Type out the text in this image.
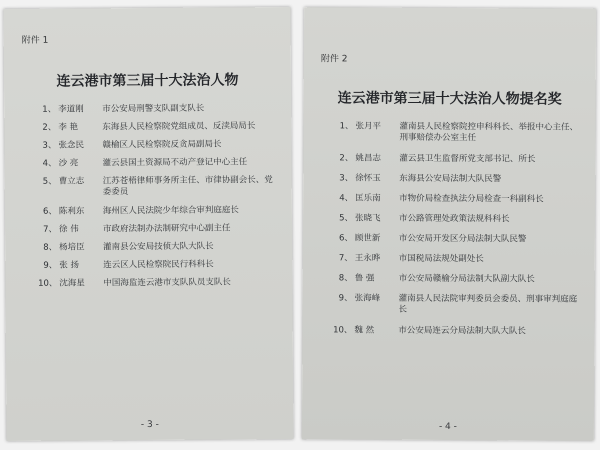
附件 1
连云港市第三届十大法治人物
1、 李道刚	市公安局刑警支队副支队长
2、 李 艳	东海县人民检察院党组成员、反渎局局长
3、 张念民	赣榆区人民检察院反贪局副局长
4、 沙 亮	灌云县国土资源局不动产登记中心主任
5、 曹立志	江苏苍梧律师事务所主任、市律协副会长、党委委员
6、 陈利东	海州区人民法院少年综合审判庭庭长
7、 徐 伟	市政府法制办法制研究中心副主任
8、 杨培臣	灌南县公安局技侦大队大队长
9、 张 扬	连云区人民检察院民行科科长
10、 沈海星	中国海监连云港市支队队员支队长
- 3 -
附件 2
连云港市第三届十大法治人物提名奖
1、 张月平	灌南县人民检察院控申科科长、举报中心主任、刑事赔偿办公室主任
2、 姚昌志	灌云县卫生监督所党支部书记、所长
3、 徐怀玉	东海县公安局法制大队民警
4、 匡乐南	市物价局检查执法分局检查一科副科长
5、 张晓飞	市公路管理处政策法规科科长
6、 顾世新	市公安局开发区分局法制大队民警
7、 王永晔	市国税局法规处副处长
8、 鲁 强	市公安局赣榆分局法制大队副大队长
9、 张海峰	灌南县人民法院审判委员会委员、刑事审判庭庭长
10、 魏 然	市公安局连云分局法制大队大队长
- 4 -
